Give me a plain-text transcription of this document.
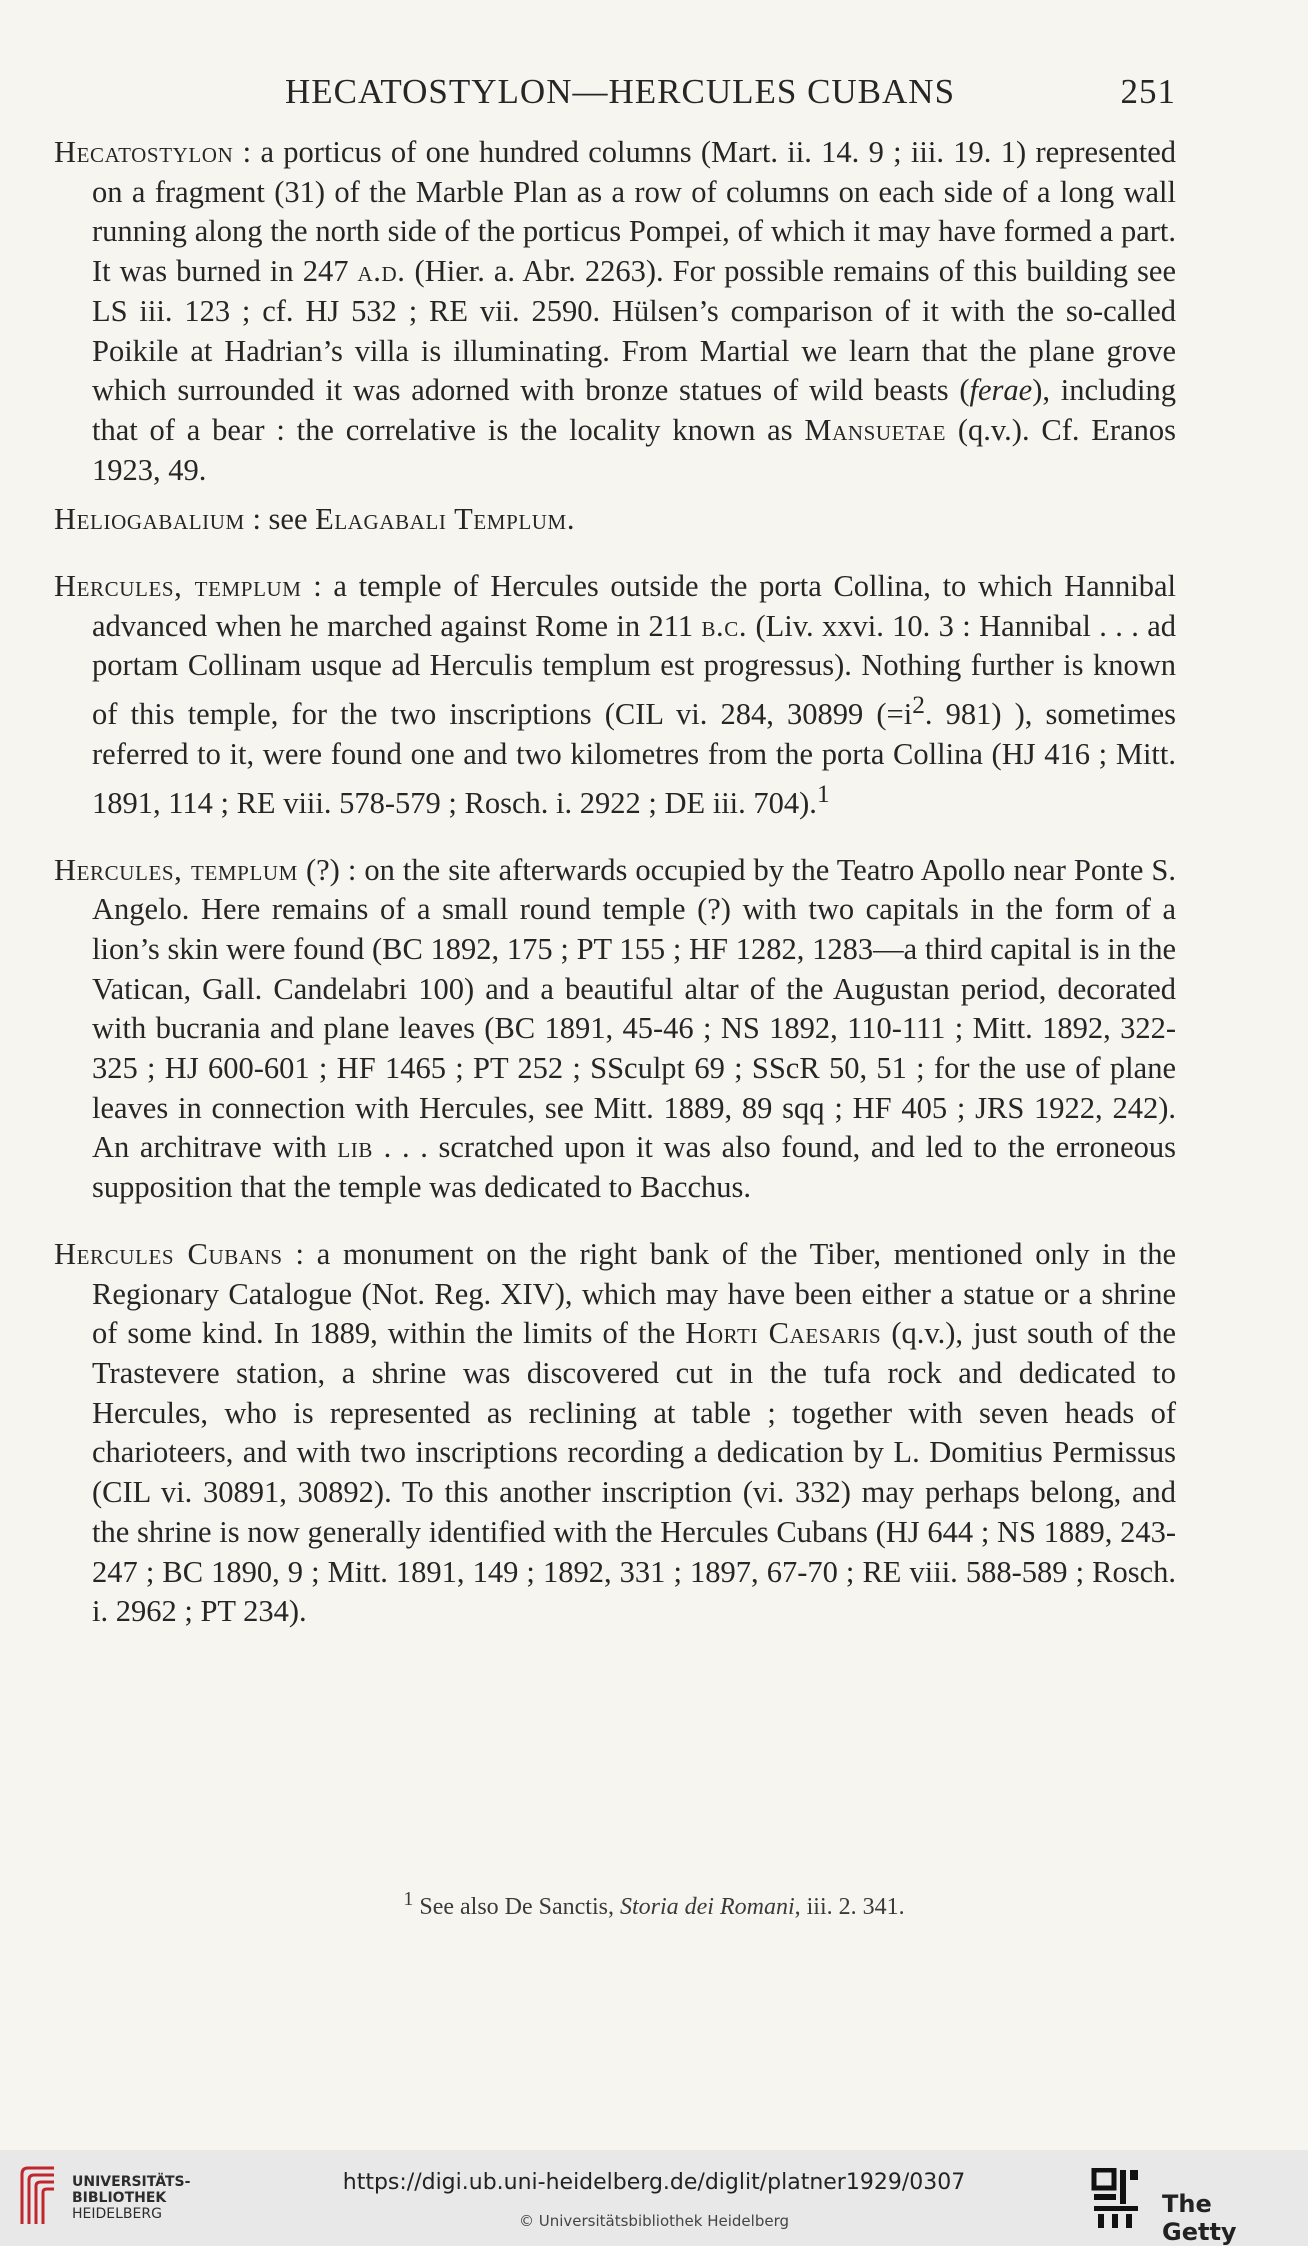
HECATOSTYLON—HERCULES CUBANS	251

Hecatostylon : a porticus of one hundred columns (Mart. ii. 14. 9 ; iii. 19. 1) represented on a fragment (31) of the Marble Plan as a row of columns on each side of a long wall running along the north side of the porticus Pompei, of which it may have formed a part. It was burned in 247 a.d. (Hier. a. Abr. 2263). For possible remains of this building see LS iii. 123 ; cf. HJ 532 ; RE vii. 2590. Hülsen’s comparison of it with the so-called Poikile at Hadrian’s villa is illuminating. From Martial we learn that the plane grove which surrounded it was adorned with bronze statues of wild beasts (ferae), including that of a bear : the correlative is the locality known as Mansuetae (q.v.). Cf. Eranos 1923, 49.

Heliogabalium : see Elagabali Templum.

Hercules, templum : a temple of Hercules outside the porta Collina, to which Hannibal advanced when he marched against Rome in 211 b.c. (Liv. xxvi. 10. 3 : Hannibal . . . ad portam Collinam usque ad Herculis templum est progressus). Nothing further is known of this temple, for the two inscriptions (CIL vi. 284, 30899 ($=i^2$. 981) ), sometimes referred to it, were found one and two kilometres from the porta Collina (HJ 416 ; Mitt. 1891, 114 ; RE viii. 578-579 ; Rosch. i. 2922 ; DE iii. 704).$^1$

Hercules, templum (?) : on the site afterwards occupied by the Teatro Apollo near Ponte S. Angelo. Here remains of a small round temple (?) with two capitals in the form of a lion’s skin were found (BC 1892, 175 ; PT 155 ; HF 1282, 1283—a third capital is in the Vatican, Gall. Candelabri 100) and a beautiful altar of the Augustan period, decorated with bucrania and plane leaves (BC 1891, 45-46 ; NS 1892, 110-111 ; Mitt. 1892, 322-325 ; HJ 600-601 ; HF 1465 ; PT 252 ; SSculpt 69 ; SScR 50, 51 ; for the use of plane leaves in connection with Hercules, see Mitt. 1889, 89 sqq ; HF 405 ; JRS 1922, 242). An architrave with lib . . . scratched upon it was also found, and led to the erroneous supposition that the temple was dedicated to Bacchus.

Hercules Cubans : a monument on the right bank of the Tiber, mentioned only in the Regionary Catalogue (Not. Reg. XIV), which may have been either a statue or a shrine of some kind. In 1889, within the limits of the Horti Caesaris (q.v.), just south of the Trastevere station, a shrine was discovered cut in the tufa rock and dedicated to Hercules, who is represented as reclining at table ; together with seven heads of charioteers, and with two inscriptions recording a dedication by L. Domitius Permissus (CIL vi. 30891, 30892). To this another inscription (vi. 332) may perhaps belong, and the shrine is now generally identified with the Hercules Cubans (HJ 644 ; NS 1889, 243-247 ; BC 1890, 9 ; Mitt. 1891, 149 ; 1892, 331 ; 1897, 67-70 ; RE viii. 588-589 ; Rosch. i. 2962 ; PT 234).

$^1$ See also De Sanctis, Storia dei Romani, iii. 2. 341.
UNIVERSITÄTS-
BIBLIOTHEK
HEIDELBERG
https://digi.ub.uni-heidelberg.de/diglit/platner1929/0307
© Universitätsbibliothek Heidelberg
The Getty
